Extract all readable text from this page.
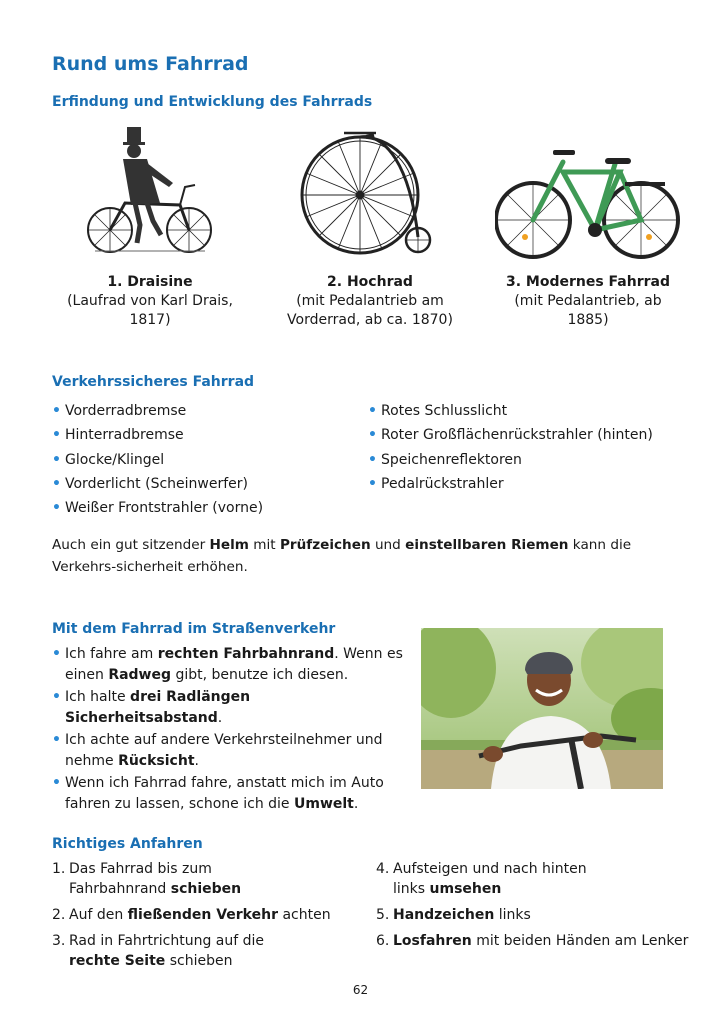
Rund ums Fahrrad
Erfindung und Entwicklung des Fahrrads
1. Draisine
(Laufrad von Karl Drais, 1817)
2. Hochrad
(mit Pedalantrieb am Vorderrad, ab ca. 1870)
3. Modernes Fahrrad
(mit Pedalantrieb, ab 1885)
Verkehrssicheres Fahrrad
• Vorderradbremse
• Hinterradbremse
• Glocke/Klingel
• Vorderlicht (Scheinwerfer)
• Weißer Frontstrahler (vorne)
• Rotes Schlusslicht
• Roter Großflächenrückstrahler (hinten)
• Speichenreflektoren
• Pedalrückstrahler
Auch ein gut sitzender Helm mit Prüfzeichen und einstellbaren Riemen kann die Verkehrs-sicherheit erhöhen.
Mit dem Fahrrad im Straßenverkehr
• Ich fahre am rechten Fahrbahnrand. Wenn es einen Radweg gibt, benutze ich diesen.
• Ich halte drei Radlängen Sicherheitsabstand.
• Ich achte auf andere Verkehrsteilnehmer und nehme Rücksicht.
• Wenn ich Fahrrad fahre, anstatt mich im Auto fahren zu lassen, schone ich die Umwelt.
Richtiges Anfahren
1. Das Fahrrad bis zum Fahrbahnrand schieben
2. Auf den fließenden Verkehr achten
3. Rad in Fahrtrichtung auf die rechte Seite schieben
4. Aufsteigen und nach hinten links umsehen
5. Handzeichen links
6. Losfahren mit beiden Händen am Lenker
62
